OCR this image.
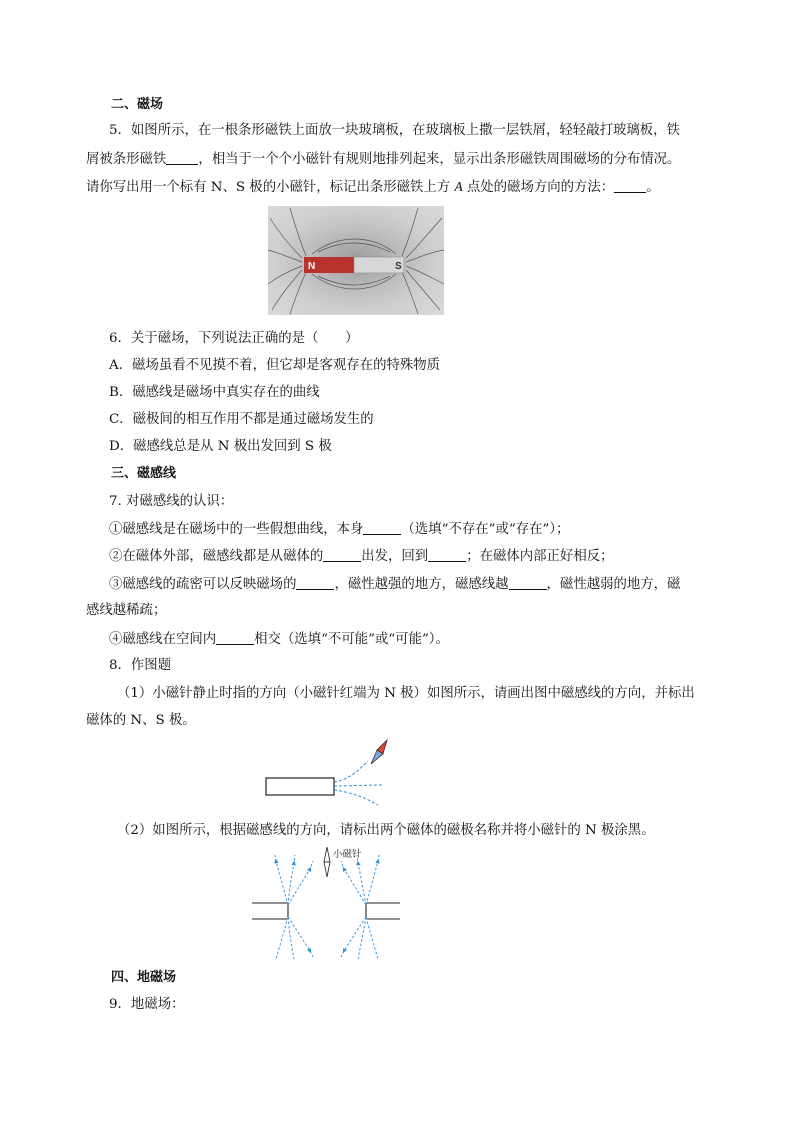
二、磁场
5．如图所示，在一根条形磁铁上面放一块玻璃板，在玻璃板上撒一层铁屑，轻轻敲打玻璃板，铁
屑被条形磁铁 ，相当于一个个小磁针有规则地排列起来，显示出条形磁铁周围磁场的分布情况。
请你写出用一个标有 N、S 极的小磁针，标记出条形磁铁上方 A 点处的磁场方向的方法： 。
N	S
6．关于磁场，下列说法正确的是（　　）
A．磁场虽看不见摸不着，但它却是客观存在的特殊物质
B．磁感线是磁场中真实存在的曲线
C．磁极间的相互作用不都是通过磁场发生的
D．磁感线总是从 N 极出发回到 S 极
三、磁感线
7. 对磁感线的认识：
①磁感线是在磁场中的一些假想曲线，本身	（选填“不存在”或“存在”）；
②在磁体外部，磁感线都是从磁体的	出发，回到	；在磁体内部正好相反；
③磁感线的疏密可以反映磁场的	，磁性越强的地方，磁感线越	，磁性越弱的地方，磁
感线越稀疏；
④磁感线在空间内	相交（选填“不可能”或“可能”）。
8．作图题
（1）小磁针静止时指的方向（小磁针红端为 N 极）如图所示，请画出图中磁感线的方向，并标出
磁体的 N、S 极。
（2）如图所示，根据磁感线的方向，请标出两个磁体的磁极名称并将小磁针的 N 极涂黑。
小磁针
四、地磁场
9．地磁场：
